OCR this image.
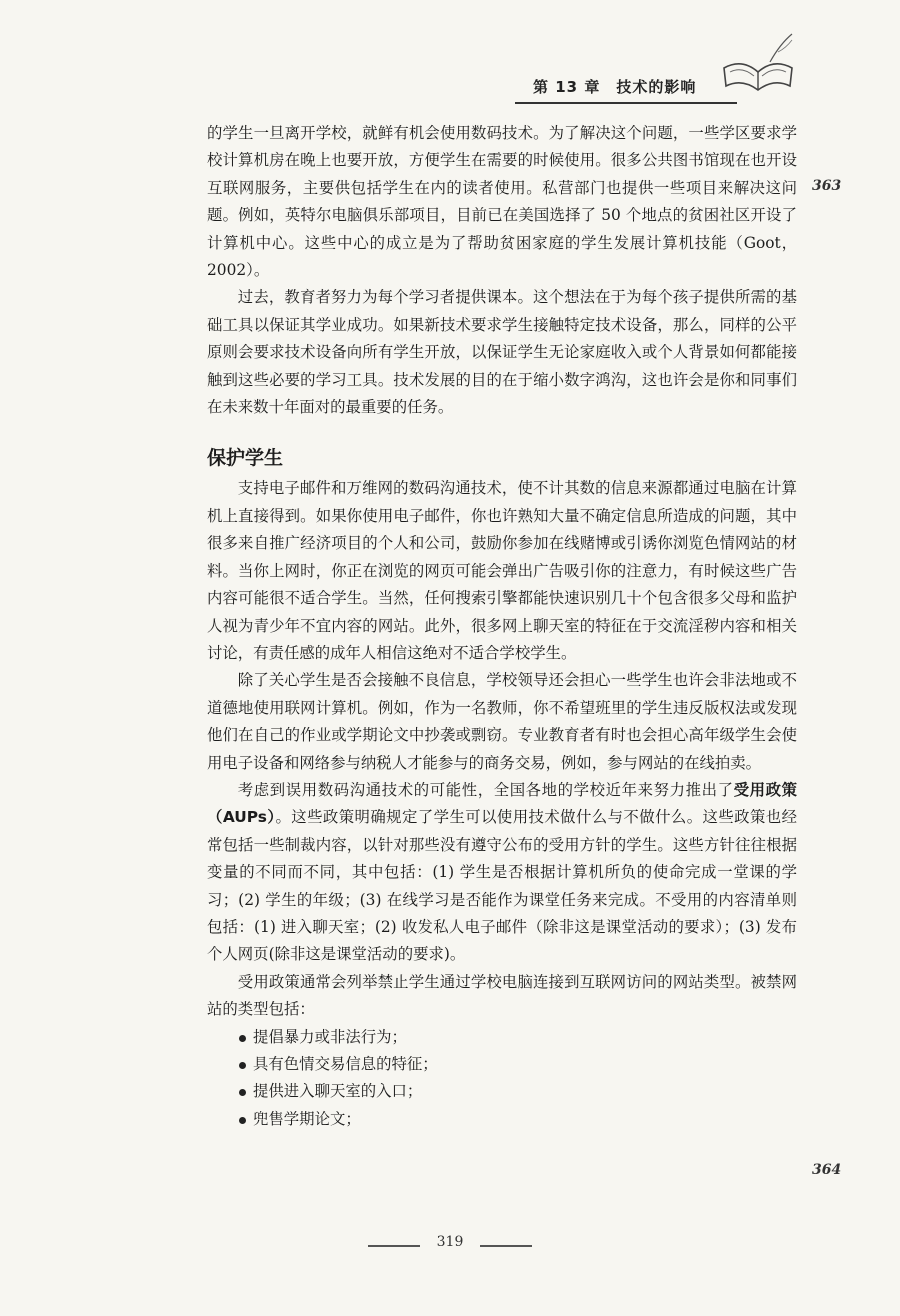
第 13 章　技术的影响
363
364

的学生一旦离开学校，就鲜有机会使用数码技术。为了解决这个问题，一些学区要求学校计算机房在晚上也要开放，方便学生在需要的时候使用。很多公共图书馆现在也开设互联网服务，主要供包括学生在内的读者使用。私营部门也提供一些项目来解决这问题。例如，英特尔电脑俱乐部项目，目前已在美国选择了 50 个地点的贫困社区开设了计算机中心。这些中心的成立是为了帮助贫困家庭的学生发展计算机技能（Goot，2002）。

过去，教育者努力为每个学习者提供课本。这个想法在于为每个孩子提供所需的基础工具以保证其学业成功。如果新技术要求学生接触特定技术设备，那么，同样的公平原则会要求技术设备向所有学生开放，以保证学生无论家庭收入或个人背景如何都能接触到这些必要的学习工具。技术发展的目的在于缩小数字鸿沟，这也许会是你和同事们在未来数十年面对的最重要的任务。

保护学生

支持电子邮件和万维网的数码沟通技术，使不计其数的信息来源都通过电脑在计算机上直接得到。如果你使用电子邮件，你也许熟知大量不确定信息所造成的问题，其中很多来自推广经济项目的个人和公司，鼓励你参加在线赌博或引诱你浏览色情网站的材料。当你上网时，你正在浏览的网页可能会弹出广告吸引你的注意力，有时候这些广告内容可能很不适合学生。当然，任何搜索引擎都能快速识别几十个包含很多父母和监护人视为青少年不宜内容的网站。此外，很多网上聊天室的特征在于交流淫秽内容和相关讨论，有责任感的成年人相信这绝对不适合学校学生。

除了关心学生是否会接触不良信息，学校领导还会担心一些学生也许会非法地或不道德地使用联网计算机。例如，作为一名教师，你不希望班里的学生违反版权法或发现他们在自己的作业或学期论文中抄袭或剽窃。专业教育者有时也会担心高年级学生会使用电子设备和网络参与纳税人才能参与的商务交易，例如，参与网站的在线拍卖。

考虑到误用数码沟通技术的可能性，全国各地的学校近年来努力推出了受用政策（AUPs）。这些政策明确规定了学生可以使用技术做什么与不做什么。这些政策也经常包括一些制裁内容，以针对那些没有遵守公布的受用方针的学生。这些方针往往根据变量的不同而不同，其中包括：(1) 学生是否根据计算机所负的使命完成一堂课的学习；(2) 学生的年级；(3) 在线学习是否能作为课堂任务来完成。不受用的内容清单则包括：(1) 进入聊天室；(2) 收发私人电子邮件（除非这是课堂活动的要求）；(3) 发布个人网页(除非这是课堂活动的要求)。

受用政策通常会列举禁止学生通过学校电脑连接到互联网访问的网站类型。被禁网站的类型包括：

提倡暴力或非法行为；
具有色情交易信息的特征；
提供进入聊天室的入口；
兜售学期论文；
319
